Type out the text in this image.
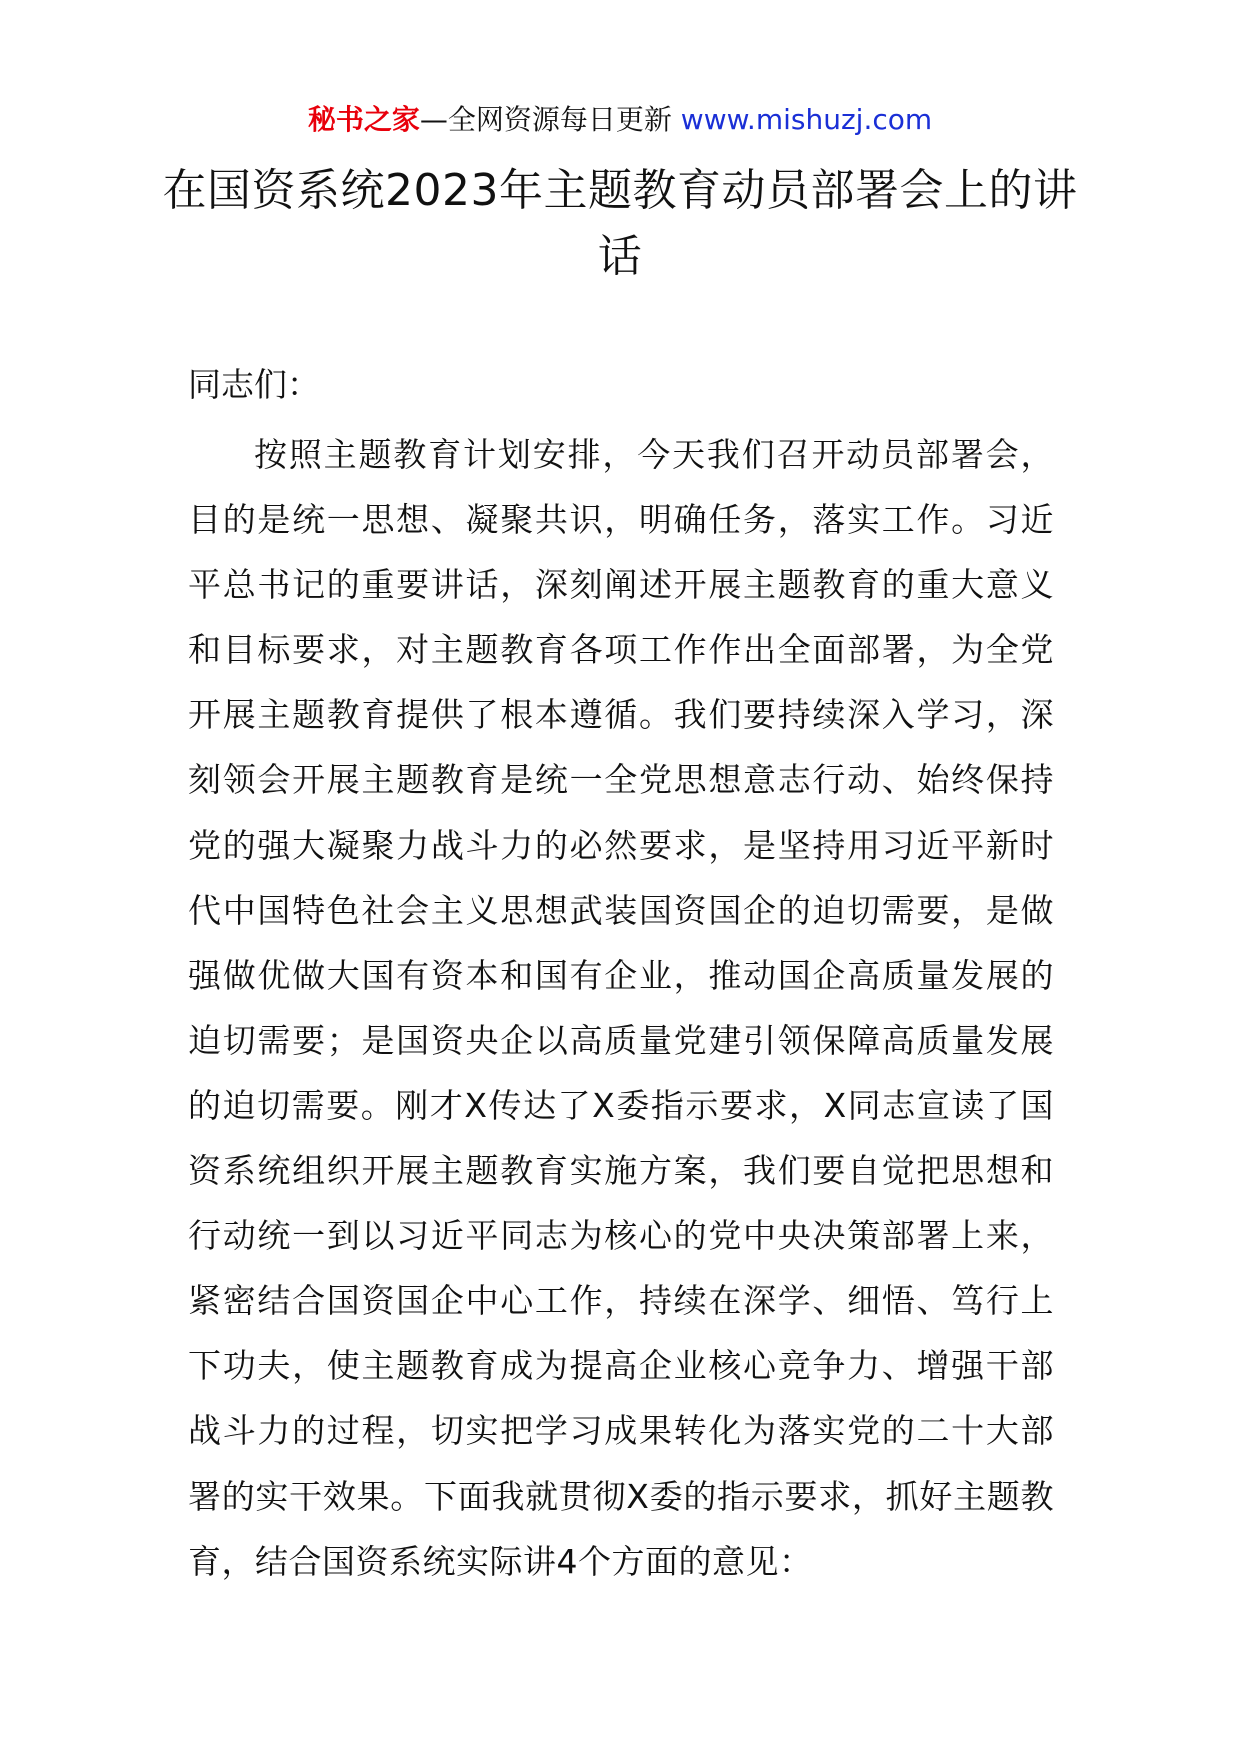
秘书之家—全网资源每日更新 www.mishuzj.com
在国资系统2023年主题教育动员部署会上的讲话

同志们：

按照主题教育计划安排，今天我们召开动员部署会，目的是统一思想、凝聚共识，明确任务，落实工作。习近平总书记的重要讲话，深刻阐述开展主题教育的重大意义和目标要求，对主题教育各项工作作出全面部署，为全党开展主题教育提供了根本遵循。我们要持续深入学习，深刻领会开展主题教育是统一全党思想意志行动、始终保持党的强大凝聚力战斗力的必然要求，是坚持用习近平新时代中国特色社会主义思想武装国资国企的迫切需要，是做强做优做大国有资本和国有企业，推动国企高质量发展的迫切需要；是国资央企以高质量党建引领保障高质量发展的迫切需要。刚才X传达了X委指示要求，X同志宣读了国资系统组织开展主题教育实施方案，我们要自觉把思想和行动统一到以习近平同志为核心的党中央决策部署上来，紧密结合国资国企中心工作，持续在深学、细悟、笃行上下功夫，使主题教育成为提高企业核心竞争力、增强干部战斗力的过程，切实把学习成果转化为落实党的二十大部署的实干效果。下面我就贯彻X委的指示要求，抓好主题教育，结合国资系统实际讲4个方面的意见：
